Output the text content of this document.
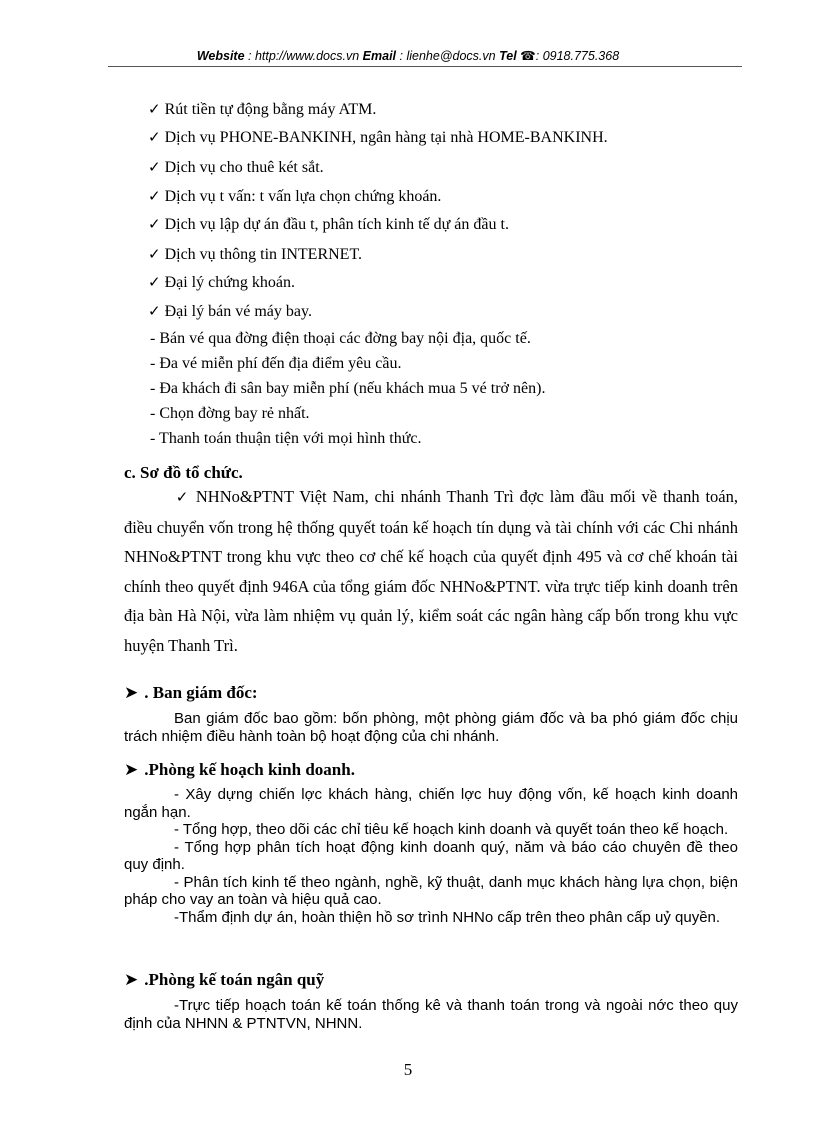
Website : http://www.docs.vn Email : lienhe@docs.vn Tel ☎: 0918.775.368
✓ Rút tiền tự động bằng máy ATM.
✓ Dịch vụ PHONE-BANKINH, ngân hàng tại nhà HOME-BANKINH.
✓ Dịch vụ cho thuê két sắt.
✓ Dịch vụ t vấn: t vấn lựa chọn chứng khoán.
✓ Dịch vụ lập dự án đầu t, phân tích kinh tế dự án đầu t.
✓ Dịch vụ thông tin INTERNET.
✓ Đại lý chứng khoán.
✓ Đại lý bán vé máy bay.
- Bán vé qua đờng điện thoại các đờng bay nội địa, quốc tế.
- Đa vé miễn phí đến địa điểm yêu cầu.
- Đa khách đi sân bay miễn phí (nếu khách mua 5 vé trở nên).
- Chọn đờng bay rẻ nhất.
- Thanh toán thuận tiện với mọi hình thức.
c. Sơ đồ tổ chức.
✓ NHNo&PTNT Việt Nam, chi nhánh Thanh Trì đợc làm đầu mối về thanh toán, điều chuyển vốn trong hệ thống quyết toán kế hoạch tín dụng và tài chính với các Chi nhánh NHNo&PTNT trong khu vực theo cơ chế kế hoạch của quyết định 495 và cơ chế khoán tài chính theo quyết định 946A của tổng giám đốc NHNo&PTNT. vừa trực tiếp kinh doanh trên địa bàn Hà Nội, vừa làm nhiệm vụ quản lý, kiểm soát các ngân hàng cấp bốn trong khu vực huyện Thanh Trì.
➤ . Ban giám đốc:

Ban giám đốc bao gồm: bốn phòng, một phòng giám đốc và ba phó giám đốc chịu trách nhiệm điều hành toàn bộ hoạt động của chi nhánh.

➤ .Phòng kế hoạch kinh doanh.

- Xây dựng chiến lợc khách hàng, chiến lợc huy động vốn, kế hoạch kinh doanh ngắn hạn.

- Tổng hợp, theo dõi các chỉ tiêu kế hoạch kinh doanh và quyết toán theo kế hoạch.

- Tổng hợp phân tích hoạt động kinh doanh quý, năm và báo cáo chuyên đề theo quy định.

- Phân tích kinh tế theo ngành, nghề, kỹ thuật, danh mục khách hàng lựa chọn, biện pháp cho vay an toàn và hiệu quả cao.

-Thẩm định dự án, hoàn thiện hồ sơ trình NHNo cấp trên theo phân cấp uỷ quyền.

➤ .Phòng kế toán ngân quỹ

-Trực tiếp hoạch toán kế toán thống kê và thanh toán trong và ngoài nớc theo quy định của NHNN & PTNTVN, NHNN.

5
